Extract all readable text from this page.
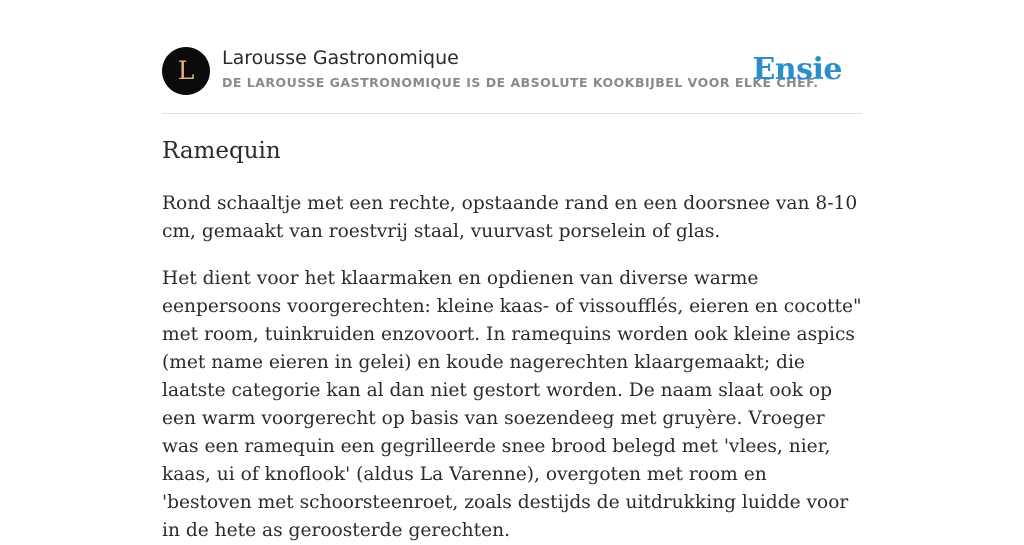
L	Larousse Gastronomique
DE LAROUSSE GASTRONOMIQUE IS DE ABSOLUTE KOOKBIJBEL VOOR ELKE CHEF.
Ensie
Ramequin

Rond schaaltje met een rechte, opstaande rand en een doorsnee van 8-10 cm, gemaakt van roestvrij staal, vuurvast porselein of glas.

Het dient voor het klaarmaken en opdienen van diverse warme eenpersoons voorgerechten: kleine kaas- of vissoufflés, eieren en cocotte" met room, tuinkruiden enzovoort. In ramequins worden ook kleine aspics (met name eieren in gelei) en koude nagerechten klaargemaakt; die laatste categorie kan al dan niet gestort worden. De naam slaat ook op een warm voorgerecht op basis van soezendeeg met gruyère. Vroeger was een ramequin een gegrilleerde snee brood belegd met 'vlees, nier, kaas, ui of knoflook' (aldus La Varenne), overgoten met room en 'bestoven met schoorsteenroet, zoals destijds de uitdrukking luidde voor in de hete as geroosterde gerechten.
